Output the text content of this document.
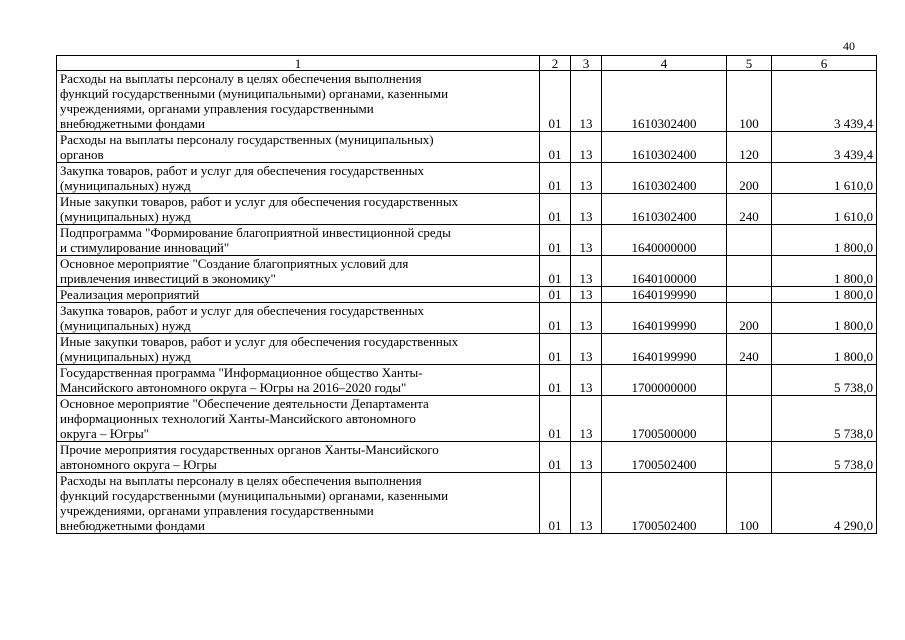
40
1	2	3	4	5	6
Расходы на выплаты персоналу в целях обеспечения выполнения
функций государственными (муниципальными) органами, казенными
учреждениями, органами управления государственными
внебюджетными фондами	01	13	1610302400	100	3 439,4
Расходы на выплаты персоналу государственных (муниципальных)
органов	01	13	1610302400	120	3 439,4
Закупка товаров, работ и услуг для обеспечения государственных
(муниципальных) нужд	01	13	1610302400	200	1 610,0
Иные закупки товаров, работ и услуг для обеспечения государственных
(муниципальных) нужд	01	13	1610302400	240	1 610,0
Подпрограмма "Формирование благоприятной инвестиционной среды
и стимулирование инноваций"	01	13	1640000000		1 800,0
Основное мероприятие "Создание благоприятных условий для
привлечения инвестиций в экономику"	01	13	1640100000		1 800,0
Реализация мероприятий	01	13	1640199990		1 800,0
Закупка товаров, работ и услуг для обеспечения государственных
(муниципальных) нужд	01	13	1640199990	200	1 800,0
Иные закупки товаров, работ и услуг для обеспечения государственных
(муниципальных) нужд	01	13	1640199990	240	1 800,0
Государственная программа "Информационное общество Ханты-
Мансийского автономного округа – Югры на 2016–2020 годы"	01	13	1700000000		5 738,0
Основное мероприятие "Обеспечение деятельности Департамента
информационных технологий Ханты-Мансийского автономного
округа – Югры"	01	13	1700500000		5 738,0
Прочие мероприятия государственных органов Ханты-Мансийского
автономного округа – Югры	01	13	1700502400		5 738,0
Расходы на выплаты персоналу в целях обеспечения выполнения
функций государственными (муниципальными) органами, казенными
учреждениями, органами управления государственными
внебюджетными фондами	01	13	1700502400	100	4 290,0
